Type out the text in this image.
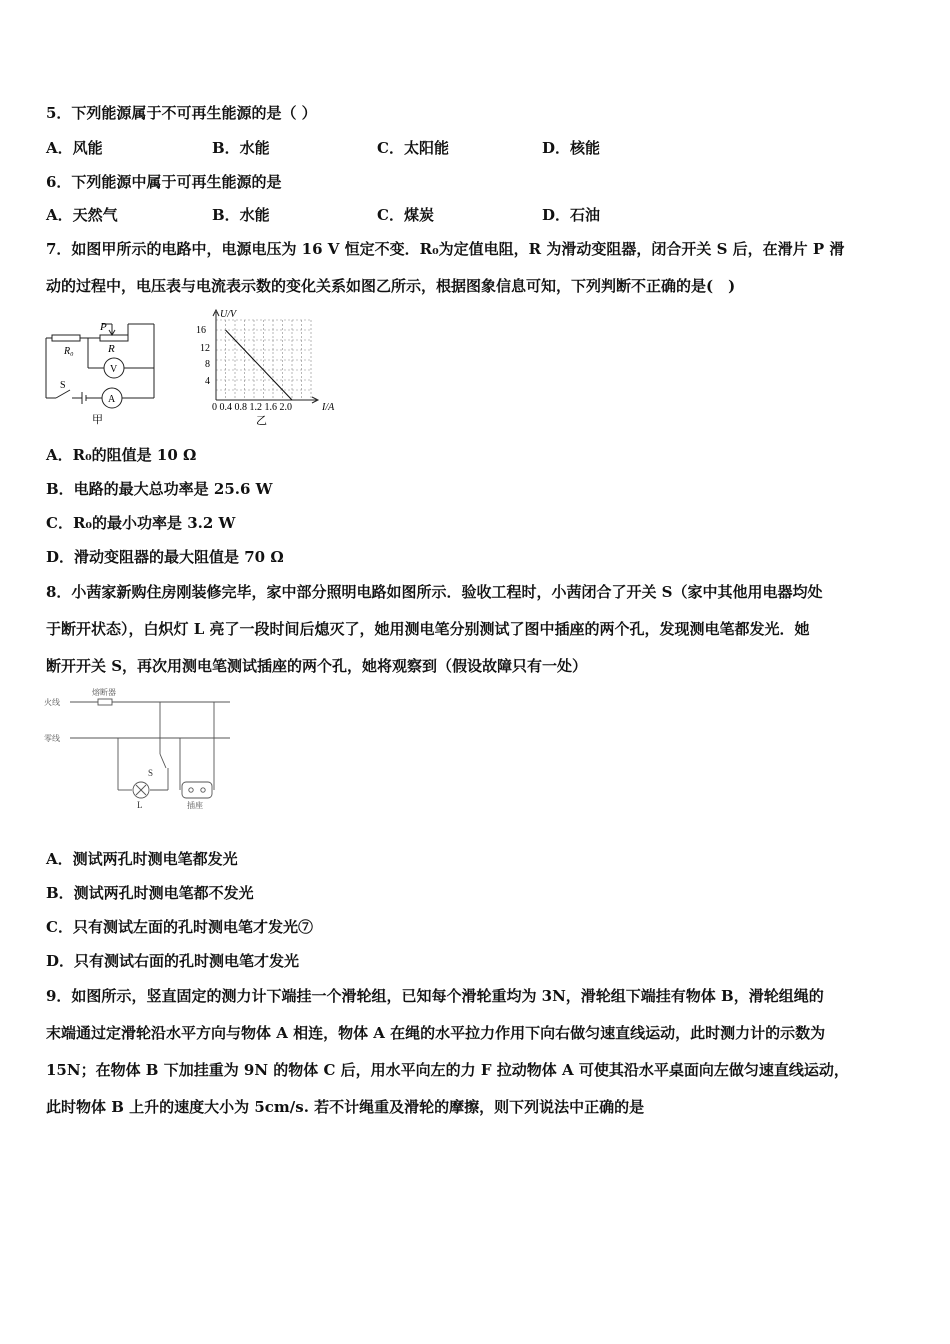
5．下列能源属于不可再生能源的是（ ）
A．风能	B．水能	C．太阳能	D．核能
6．下列能源中属于可再生能源的是
A．天然气	B．水能	C．煤炭	D．石油
7．如图甲所示的电路中，电源电压为 16 V 恒定不变．R₀为定值电阻，R 为滑动变阻器，闭合开关 S 后，在滑片 P 滑
动的过程中，电压表与电流表示数的变化关系如图乙所示，根据图象信息可知，下列判断不正确的是(　)
R₀
P
R
V
A
S
甲
U/V
16
12
8
4
0 0.4 0.8 1.2 1.6 2.0	I/A
乙
A．R₀的阻值是 10 Ω
B．电路的最大总功率是 25.6 W
C．R₀的最小功率是 3.2 W
D．滑动变阻器的最大阻值是 70 Ω
8．小茜家新购住房刚装修完毕，家中部分照明电路如图所示．验收工程时，小茜闭合了开关 S（家中其他用电器均处
于断开状态），白炽灯 L 亮了一段时间后熄灭了，她用测电笔分别测试了图中插座的两个孔，发现测电笔都发光．她
断开开关 S，再次用测电笔测试插座的两个孔，她将观察到（假设故障只有一处）
火线
零线
熔断器
S
L	插座
A．测试两孔时测电笔都发光
B．测试两孔时测电笔都不发光
C．只有测试左面的孔时测电笔才发光⑦
D．只有测试右面的孔时测电笔才发光
9．如图所示，竖直固定的测力计下端挂一个滑轮组，已知每个滑轮重均为 3N，滑轮组下端挂有物体 B，滑轮组绳的
末端通过定滑轮沿水平方向与物体 A 相连，物体 A 在绳的水平拉力作用下向右做匀速直线运动，此时测力计的示数为
15N；在物体 B 下加挂重为 9N 的物体 C 后，用水平向左的力 F 拉动物体 A 可使其沿水平桌面向左做匀速直线运动，
此时物体 B 上升的速度大小为 5cm/s. 若不计绳重及滑轮的摩擦，则下列说法中正确的是
